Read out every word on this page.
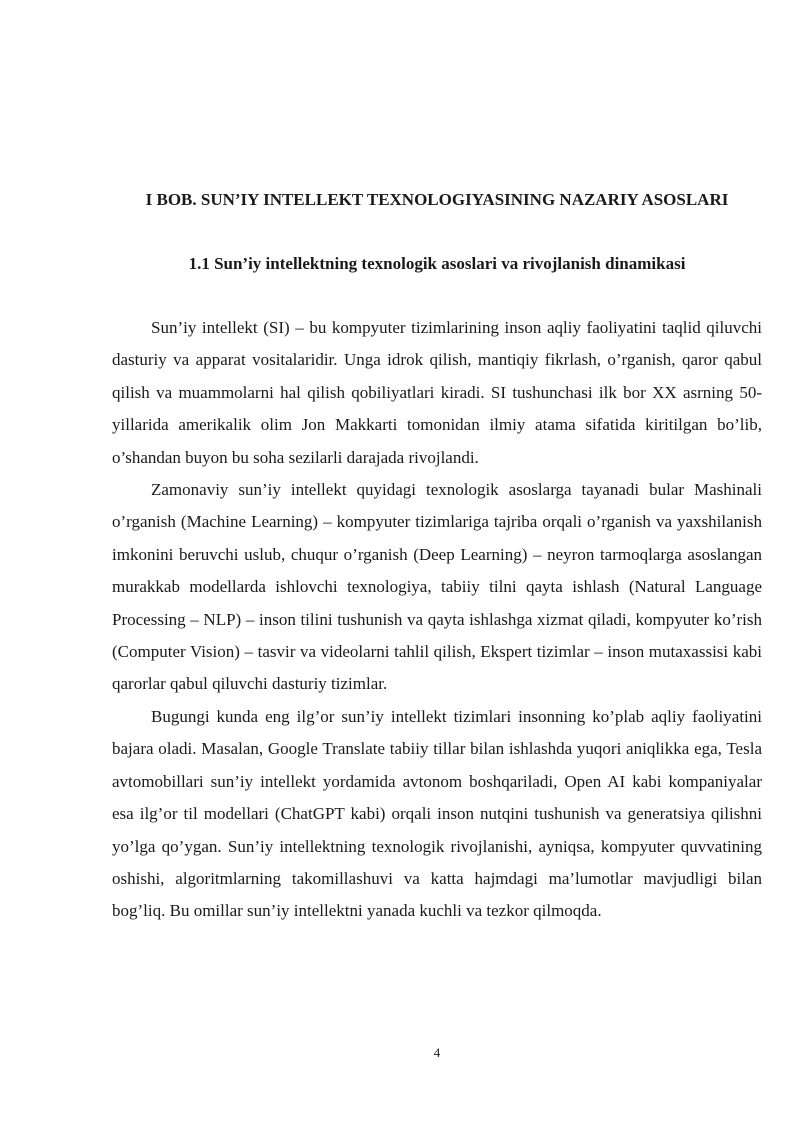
I BOB. SUN’IY INTELLEKT TEXNOLOGIYASINING NAZARIY ASOSLARI
1.1 Sun’iy intellektning texnologik asoslari va rivojlanish dinamikasi

Sun’iy intellekt (SI) – bu kompyuter tizimlarining inson aqliy faoliyatini taqlid qiluvchi dasturiy va apparat vositalaridir. Unga idrok qilish, mantiqiy fikrlash, o’rganish, qaror qabul qilish va muammolarni hal qilish qobiliyatlari kiradi. SI tushunchasi ilk bor XX asrning 50-yillarida amerikalik olim Jon Makkarti tomonidan ilmiy atama sifatida kiritilgan bo’lib, o’shandan buyon bu soha sezilarli darajada rivojlandi.

Zamonaviy sun’iy intellekt quyidagi texnologik asoslarga tayanadi bular Mashinali o’rganish (Machine Learning) – kompyuter tizimlariga tajriba orqali o’rganish va yaxshilanish imkonini beruvchi uslub, chuqur o’rganish (Deep Learning) – neyron tarmoqlarga asoslangan murakkab modellarda ishlovchi texnologiya, tabiiy tilni qayta ishlash (Natural Language Processing – NLP) – inson tilini tushunish va qayta ishlashga xizmat qiladi, kompyuter ko’rish (Computer Vision) – tasvir va videolarni tahlil qilish, Ekspert tizimlar – inson mutaxassisi kabi qarorlar qabul qiluvchi dasturiy tizimlar.

Bugungi kunda eng ilg’or sun’iy intellekt tizimlari insonning ko’plab aqliy faoliyatini bajara oladi. Masalan, Google Translate tabiiy tillar bilan ishlashda yuqori aniqlikka ega, Tesla avtomobillari sun’iy intellekt yordamida avtonom boshqariladi, Open AI kabi kompaniyalar esa ilg’or til modellari (ChatGPT kabi) orqali inson nutqini tushunish va generatsiya qilishni yo’lga qo’ygan. Sun’iy intellektning texnologik rivojlanishi, ayniqsa, kompyuter quvvatining oshishi, algoritmlarning takomillashuvi va katta hajmdagi ma’lumotlar mavjudligi bilan bog’liq. Bu omillar sun’iy intellektni yanada kuchli va tezkor qilmoqda.

4
